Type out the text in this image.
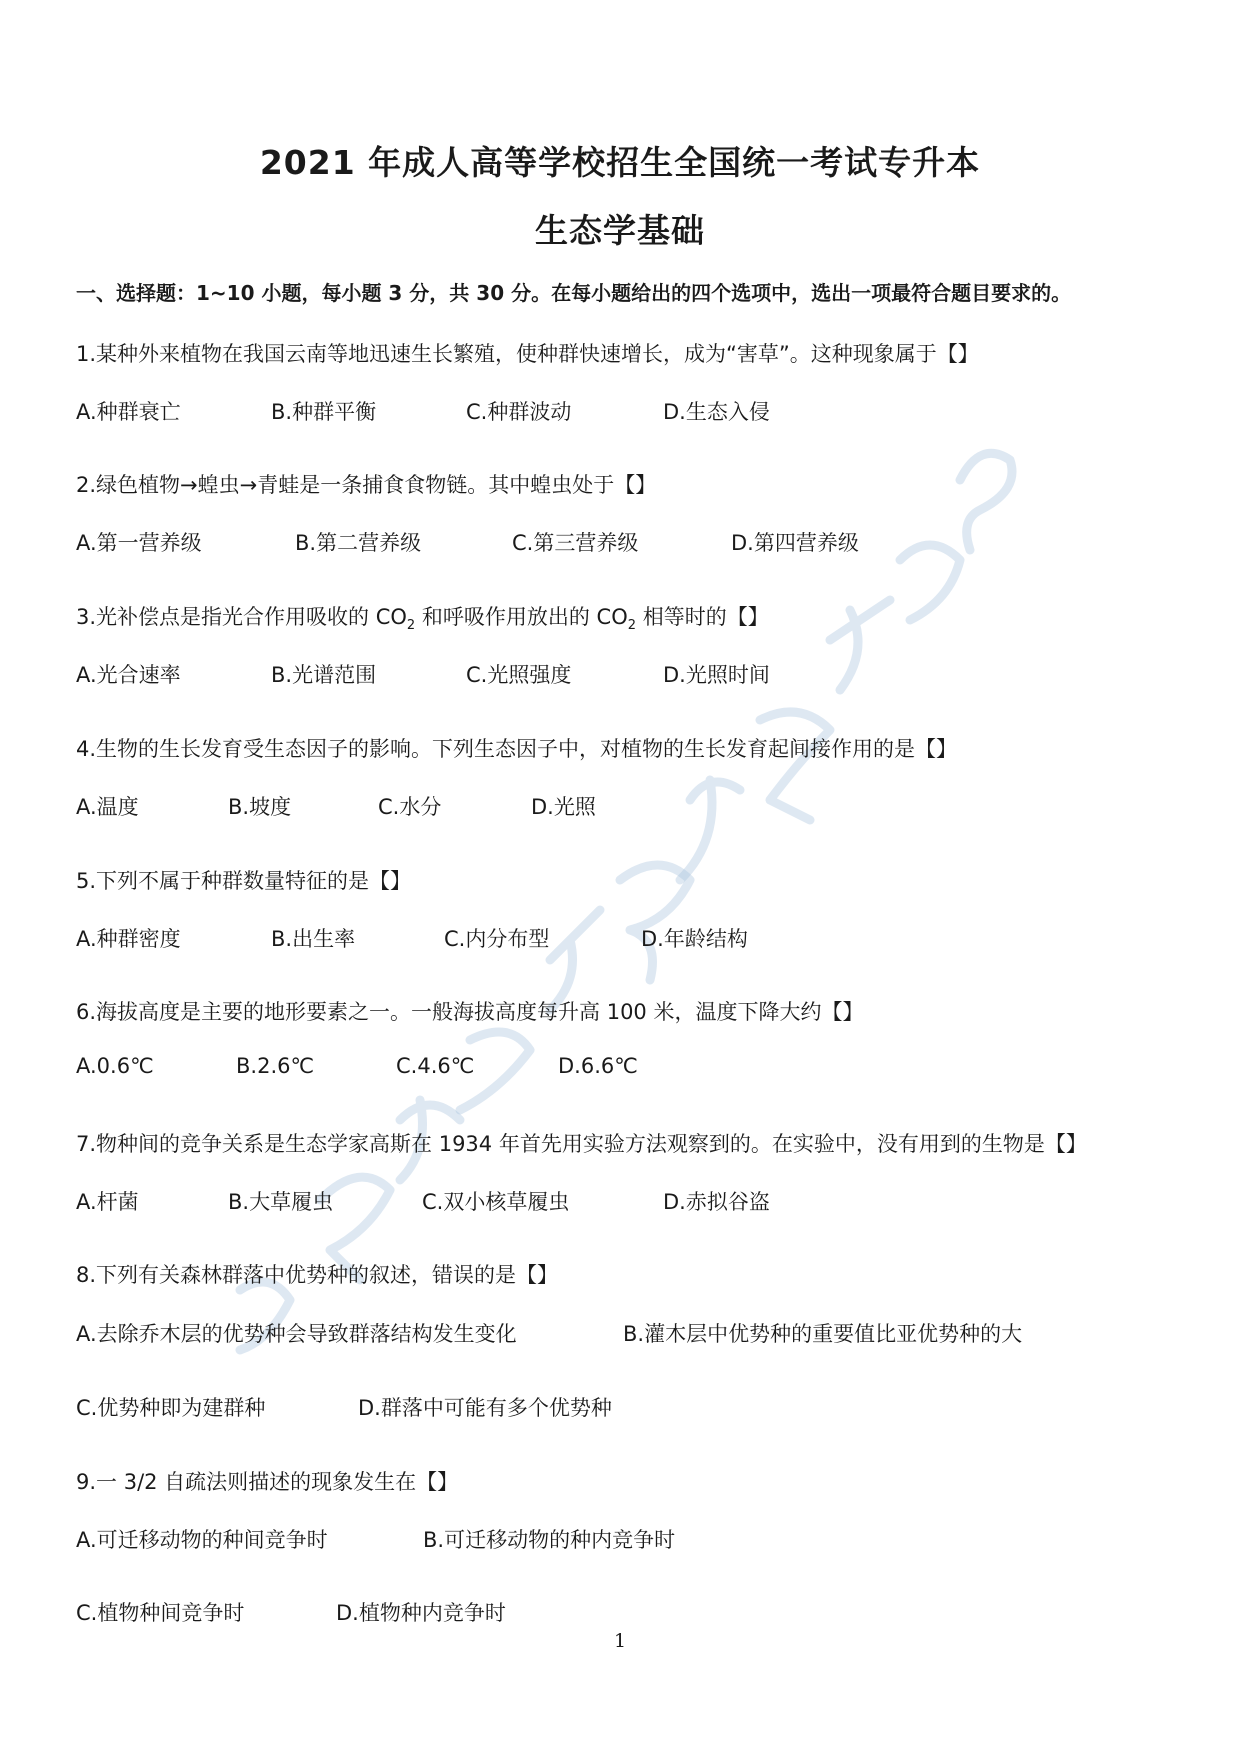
2021 年成人高等学校招生全国统一考试专升本
生态学基础
一、选择题：1~10 小题，每小题 3 分，共 30 分。在每小题给出的四个选项中，选出一项最符合题目要求的。
1.某种外来植物在我国云南等地迅速生长繁殖，使种群快速增长，成为“害草”。这种现象属于【】
A.种群衰亡	B.种群平衡	C.种群波动	D.生态入侵
2.绿色植物→蝗虫→青蛙是一条捕食食物链。其中蝗虫处于【】
A.第一营养级	B.第二营养级	C.第三营养级	D.第四营养级
3.光补偿点是指光合作用吸收的 $CO_2$ 和呼吸作用放出的 $CO_2$ 相等时的【】
A.光合速率	B.光谱范围	C.光照强度	D.光照时间
4.生物的生长发育受生态因子的影响。下列生态因子中，对植物的生长发育起间接作用的是【】
A.温度	B.坡度	C.水分	D.光照
5.下列不属于种群数量特征的是【】
A.种群密度	B.出生率	C.内分布型	D.年龄结构
6.海拔高度是主要的地形要素之一。一般海拔高度每升高 100 米，温度下降大约【】
A.0.6℃	B.2.6℃	C.4.6℃	D.6.6℃
7.物种间的竞争关系是生态学家高斯在 1934 年首先用实验方法观察到的。在实验中，没有用到的生物是【】
A.杆菌	B.大草履虫	C.双小核草履虫	D.赤拟谷盗
8.下列有关森林群落中优势种的叙述，错误的是【】
A.去除乔木层的优势种会导致群落结构发生变化	B.灌木层中优势种的重要值比亚优势种的大
C.优势种即为建群种	D.群落中可能有多个优势种
9.一 3/2 自疏法则描述的现象发生在【】
A.可迁移动物的种间竞争时	B.可迁移动物的种内竞争时
C.植物种间竞争时	D.植物种内竞争时
1
